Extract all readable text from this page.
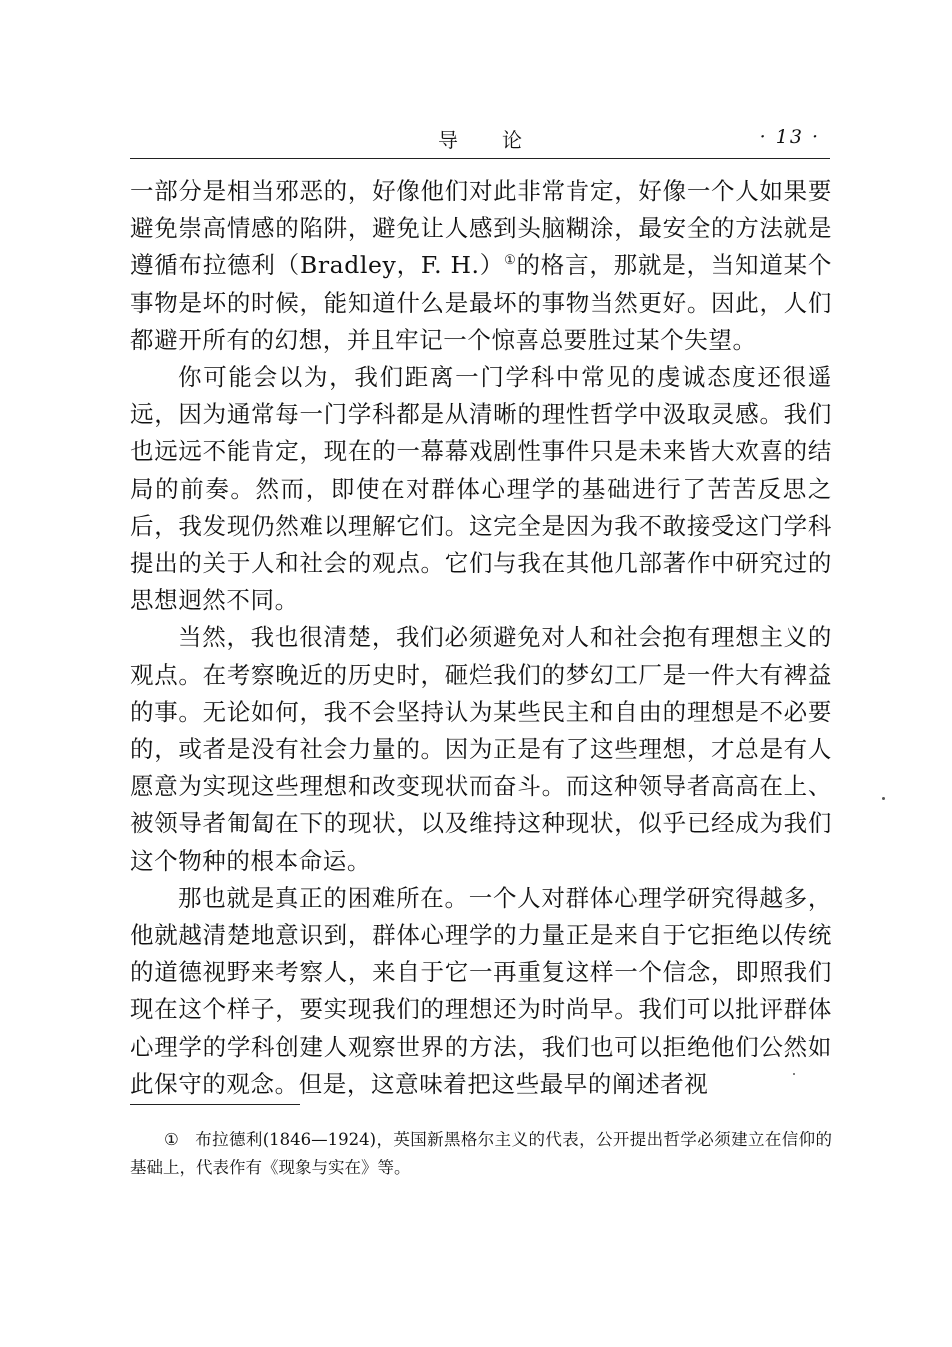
导论	· 13 ·

一部分是相当邪恶的，好像他们对此非常肯定，好像一个人如果要避免崇高情感的陷阱，避免让人感到头脑糊涂，最安全的方法就是遵循布拉德利（Bradley，F. H.）①的格言，那就是，当知道某个事物是坏的时候，能知道什么是最坏的事物当然更好。因此，人们都避开所有的幻想，并且牢记一个惊喜总要胜过某个失望。

你可能会以为，我们距离一门学科中常见的虔诚态度还很遥远，因为通常每一门学科都是从清晰的理性哲学中汲取灵感。我们也远远不能肯定，现在的一幕幕戏剧性事件只是未来皆大欢喜的结局的前奏。然而，即使在对群体心理学的基础进行了苦苦反思之后，我发现仍然难以理解它们。这完全是因为我不敢接受这门学科提出的关于人和社会的观点。它们与我在其他几部著作中研究过的思想迥然不同。

当然，我也很清楚，我们必须避免对人和社会抱有理想主义的观点。在考察晚近的历史时，砸烂我们的梦幻工厂是一件大有裨益的事。无论如何，我不会坚持认为某些民主和自由的理想是不必要的，或者是没有社会力量的。因为正是有了这些理想，才总是有人愿意为实现这些理想和改变现状而奋斗。而这种领导者高高在上、被领导者匍匐在下的现状，以及维持这种现状，似乎已经成为我们这个物种的根本命运。

那也就是真正的困难所在。一个人对群体心理学研究得越多，他就越清楚地意识到，群体心理学的力量正是来自于它拒绝以传统的道德视野来考察人，来自于它一再重复这样一个信念，即照我们现在这个样子，要实现我们的理想还为时尚早。我们可以批评群体心理学的学科创建人观察世界的方法，我们也可以拒绝他们公然如此保守的观念。但是，这意味着把这些最早的阐述者视

① 布拉德利(1846—1924)，英国新黑格尔主义的代表，公开提出哲学必须建立在信仰的基础上，代表作有《现象与实在》等。
